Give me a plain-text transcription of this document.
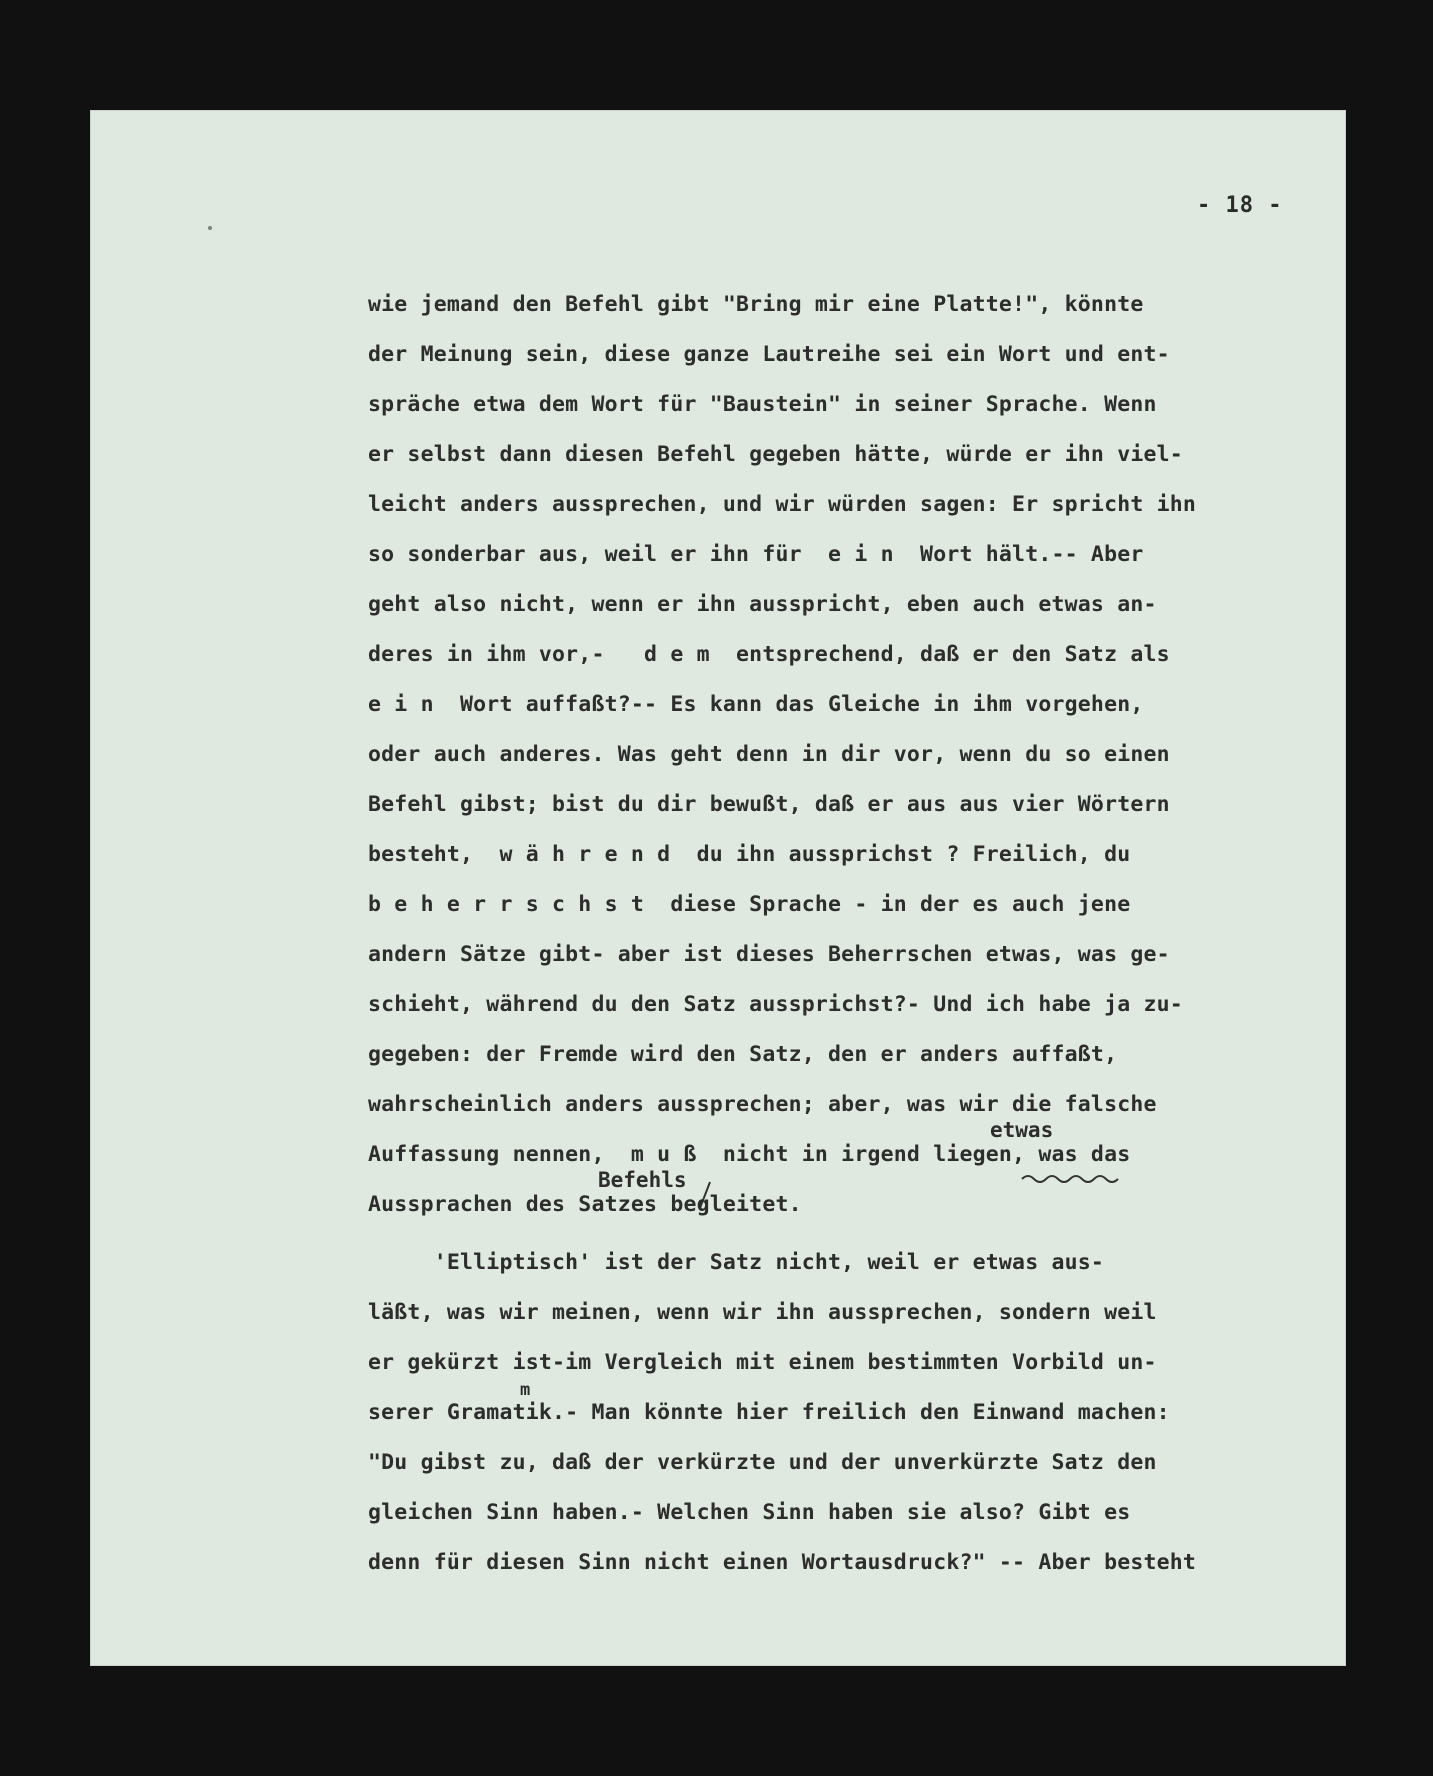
- 18 -
wie jemand den Befehl gibt "Bring mir eine Platte!", könnte
der Meinung sein, diese ganze Lautreihe sei ein Wort und ent-
spräche etwa dem Wort für "Baustein" in seiner Sprache. Wenn
er selbst dann diesen Befehl gegeben hätte, würde er ihn viel-
leicht anders aussprechen, und wir würden sagen: Er spricht ihn
so sonderbar aus, weil er ihn für  e i n  Wort hält.-- Aber
geht also nicht, wenn er ihn ausspricht, eben auch etwas an-
deres in ihm vor,-   d e m  entsprechend, daß er den Satz als
e i n  Wort auffaßt?-- Es kann das Gleiche in ihm vorgehen,
oder auch anderes. Was geht denn in dir vor, wenn du so einen
Befehl gibst; bist du dir bewußt, daß er aus aus vier Wörtern
besteht,  w ä h r e n d  du ihn aussprichst ? Freilich, du
b e h e r r s c h s t  diese Sprache - in der es auch jene
andern Sätze gibt- aber ist dieses Beherrschen etwas, was ge-
schieht, während du den Satz aussprichst?- Und ich habe ja zu-
gegeben: der Fremde wird den Satz, den er anders auffaßt,
wahrscheinlich anders aussprechen; aber, was wir die falsche
etwas
Auffassung nennen,  m u ß  nicht in irgend liegen, was das
Befehls
Aussprachen des Satzes begleitet.
'Elliptisch' ist der Satz nicht, weil er etwas aus-
läßt, was wir meinen, wenn wir ihn aussprechen, sondern weil
er gekürzt ist-im Vergleich mit einem bestimmten Vorbild un-
m
serer Gramatik.- Man könnte hier freilich den Einwand machen:
"Du gibst zu, daß der verkürzte und der unverkürzte Satz den
gleichen Sinn haben.- Welchen Sinn haben sie also? Gibt es
denn für diesen Sinn nicht einen Wortausdruck?" -- Aber besteht
